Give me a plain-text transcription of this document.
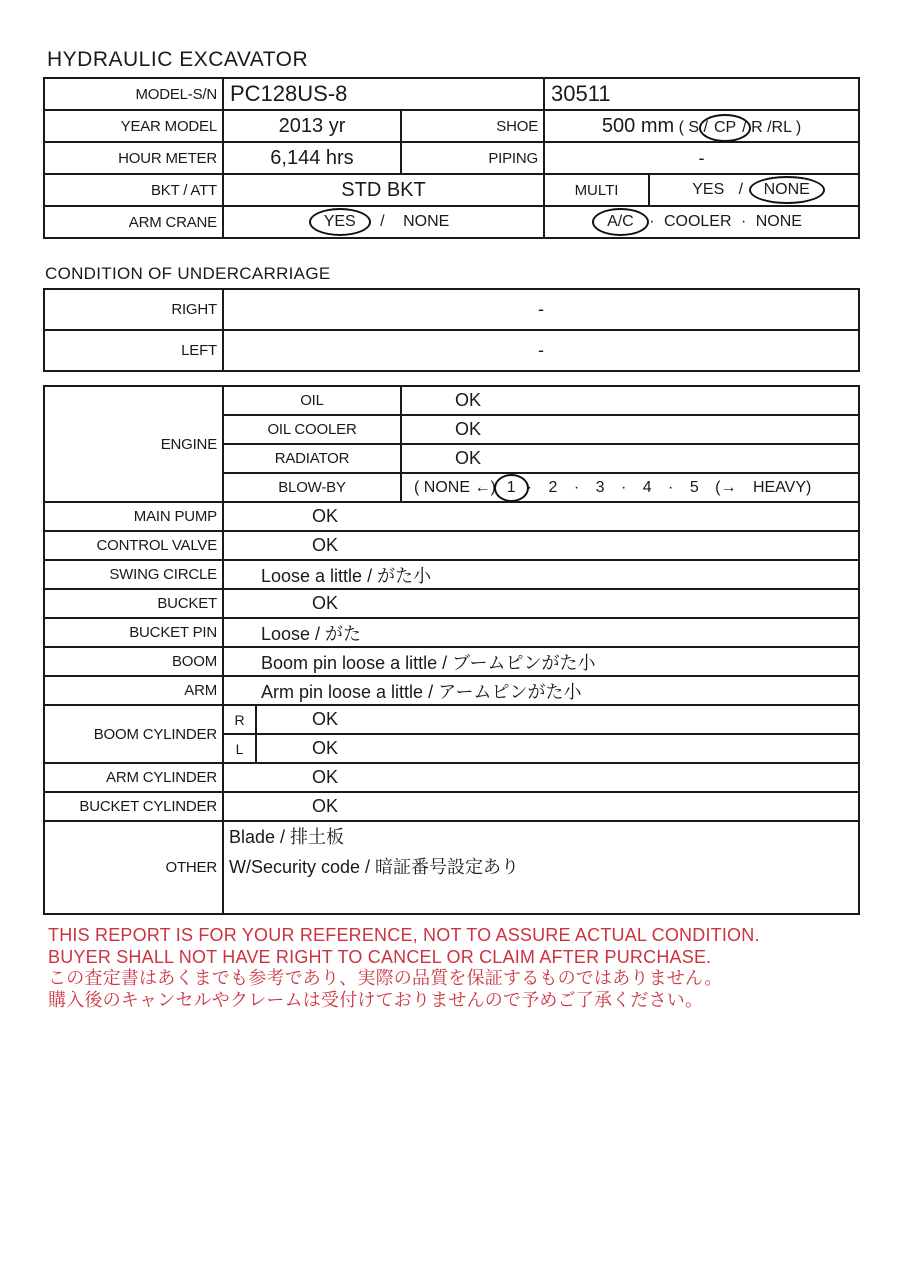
HYDRAULIC EXCAVATOR
MODEL-S/N	PC128US-8		30511	
YEAR MODEL	2013 yr	SHOE	500 mm ( S / CP / R /RL )	
HOUR METER	6,144 hrs	PIPING	-	
BKT / ATT	STD BKT		MULTI	YES / NONE
ARM CRANE	YES / NONE		A/C · COOLER · NONE	
CONDITION OF UNDERCARRIAGE
RIGHT	-
LEFT	-
ENGINE	OIL		OK
	OIL COOLER		OK
	RADIATOR		OK
	BLOW-BY		( NONE ←) 1 · 2 · 3 · 4 · 5 (→ HEAVY)
MAIN PUMP	OK		
CONTROL VALVE	OK		
SWING CIRCLE	Loose a little / がた小		
BUCKET	OK		
BUCKET PIN	Loose / がた		
BOOM	Boom pin loose a little / ブームピンがた小		
ARM	Arm pin loose a little / アームピンがた小		
BOOM CYLINDER	R	OK	
	L	OK	
ARM CYLINDER	OK		
BUCKET CYLINDER	OK		
OTHER	Blade / 排土板
W/Security code / 暗証番号設定あり		
THIS REPORT IS FOR YOUR REFERENCE, NOT TO ASSURE ACTUAL CONDITION.
BUYER SHALL NOT HAVE RIGHT TO CANCEL OR CLAIM AFTER PURCHASE.
この査定書はあくまでも参考であり、実際の品質を保証するものではありません。
購入後のキャンセルやクレームは受付けておりませんので予めご了承ください。
